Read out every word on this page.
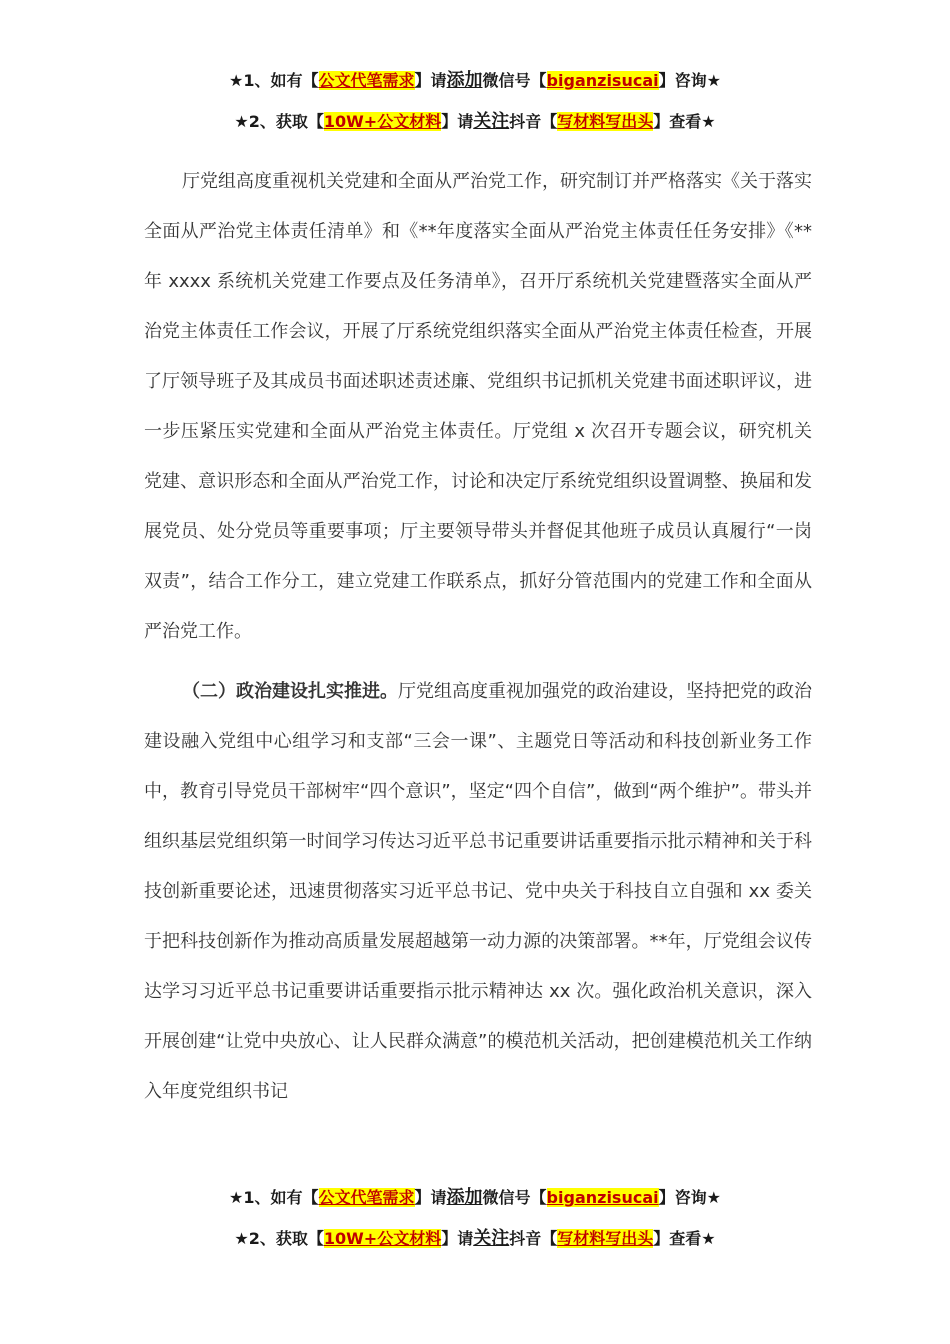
★1、如有【公文代笔需求】请添加微信号【biganzisucai】咨询★
★2、获取【10W+公文材料】请关注抖音【写材料写出头】查看★

厅党组高度重视机关党建和全面从严治党工作，研究制订并严格落实《关于落实全面从严治党主体责任清单》和《**年度落实全面从严治党主体责任任务安排》《**年 xxxx 系统机关党建工作要点及任务清单》，召开厅系统机关党建暨落实全面从严治党主体责任工作会议，开展了厅系统党组织落实全面从严治党主体责任检查，开展了厅领导班子及其成员书面述职述责述廉、党组织书记抓机关党建书面述职评议，进一步压紧压实党建和全面从严治党主体责任。厅党组 x 次召开专题会议，研究机关党建、意识形态和全面从严治党工作，讨论和决定厅系统党组织设置调整、换届和发展党员、处分党员等重要事项；厅主要领导带头并督促其他班子成员认真履行“一岗双责”，结合工作分工，建立党建工作联系点，抓好分管范围内的党建工作和全面从严治党工作。

（二）政治建设扎实推进。厅党组高度重视加强党的政治建设，坚持把党的政治建设融入党组中心组学习和支部“三会一课”、主题党日等活动和科技创新业务工作中，教育引导党员干部树牢“四个意识”，坚定“四个自信”，做到“两个维护”。带头并组织基层党组织第一时间学习传达习近平总书记重要讲话重要指示批示精神和关于科技创新重要论述，迅速贯彻落实习近平总书记、党中央关于科技自立自强和 xx 委关于把科技创新作为推动高质量发展超越第一动力源的决策部署。**年，厅党组会议传达学习习近平总书记重要讲话重要指示批示精神达 xx 次。强化政治机关意识，深入开展创建“让党中央放心、让人民群众满意”的模范机关活动，把创建模范机关工作纳入年度党组织书记

★1、如有【公文代笔需求】请添加微信号【biganzisucai】咨询★
★2、获取【10W+公文材料】请关注抖音【写材料写出头】查看★
